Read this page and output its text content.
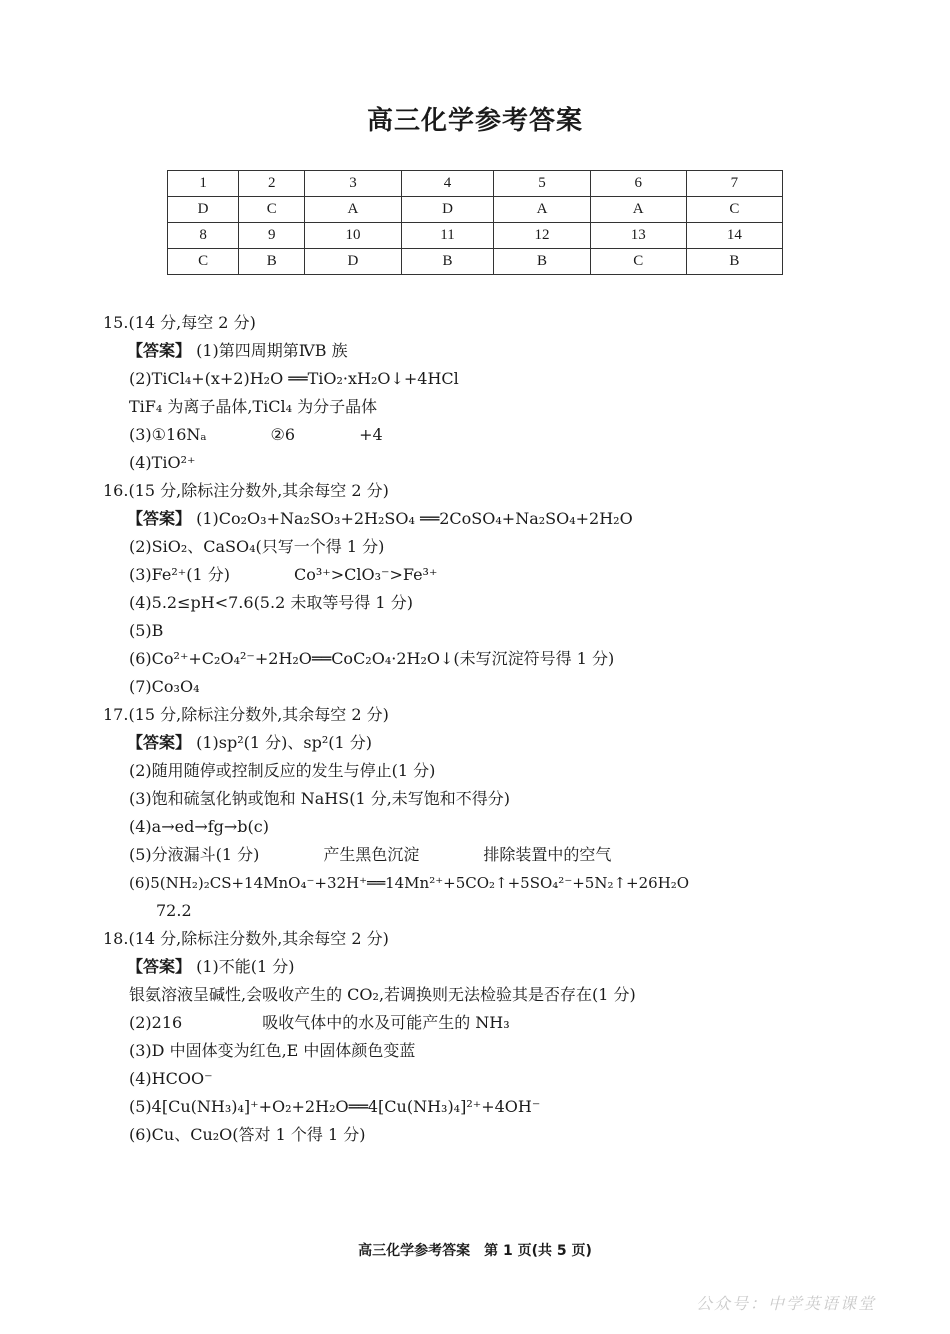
高三化学参考答案
1	2	3	4	5	6	7
D	C	A	D	A	A	C
8	9	10	11	12	13	14
C	B	D	B	B	C	B
15.(14 分,每空 2 分)
【答案】 (1)第四周期第ⅣB 族
(2)TiCl₄+(x+2)H₂O ══TiO₂·xH₂O↓+4HCl
TiF₄ 为离子晶体,TiCl₄ 为分子晶体
(3)①16Nₐ　　　　②6　　　　+4
(4)TiO²⁺
16.(15 分,除标注分数外,其余每空 2 分)
【答案】 (1)Co₂O₃+Na₂SO₃+2H₂SO₄ ══2CoSO₄+Na₂SO₄+2H₂O
(2)SiO₂、CaSO₄(只写一个得 1 分)
(3)Fe²⁺(1 分)　　　　Co³⁺>ClO₃⁻>Fe³⁺
(4)5.2≤pH<7.6(5.2 未取等号得 1 分)
(5)B
(6)Co²⁺+C₂O₄²⁻+2H₂O══CoC₂O₄·2H₂O↓(未写沉淀符号得 1 分)
(7)Co₃O₄
17.(15 分,除标注分数外,其余每空 2 分)
【答案】 (1)sp²(1 分)、sp²(1 分)
(2)随用随停或控制反应的发生与停止(1 分)
(3)饱和硫氢化钠或饱和 NaHS(1 分,未写饱和不得分)
(4)a→ed→fg→b(c)
(5)分液漏斗(1 分)　　　　产生黑色沉淀　　　　排除装置中的空气
(6)5(NH₂)₂CS+14MnO₄⁻+32H⁺══14Mn²⁺+5CO₂↑+5SO₄²⁻+5N₂↑+26H₂O
72.2
18.(14 分,除标注分数外,其余每空 2 分)
【答案】 (1)不能(1 分)
银氨溶液呈碱性,会吸收产生的 CO₂,若调换则无法检验其是否存在(1 分)
(2)216　　　　　吸收气体中的水及可能产生的 NH₃
(3)D 中固体变为红色,E 中固体颜色变蓝
(4)HCOO⁻
(5)4[Cu(NH₃)₄]⁺+O₂+2H₂O══4[Cu(NH₃)₄]²⁺+4OH⁻
(6)Cu、Cu₂O(答对 1 个得 1 分)
高三化学参考答案　第 1 页(共 5 页)
公众号：中学英语课堂
